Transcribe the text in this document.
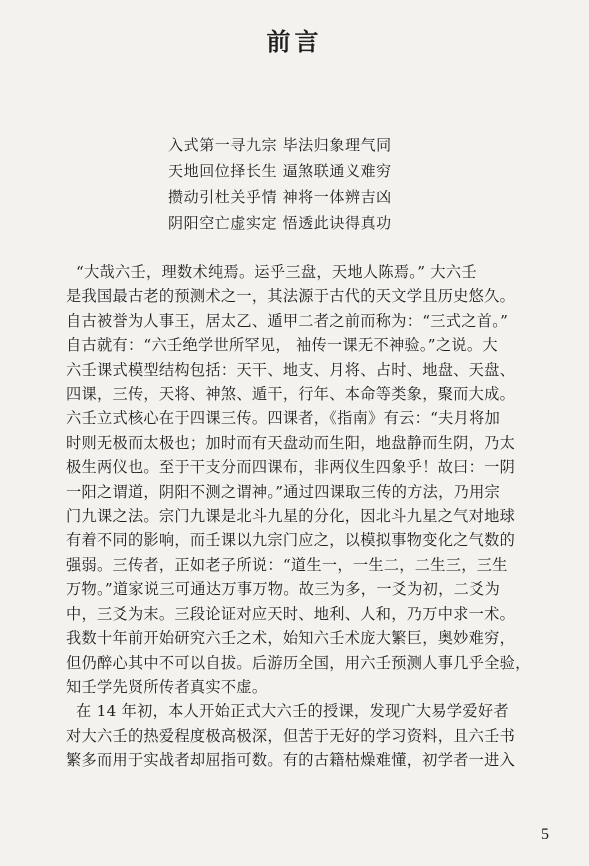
前言
入式第一寻九宗 毕法归象理气同
天地回位择长生 逼煞联通义难穷
攒动引杜关乎情 神将一体辨吉凶
阴阳空亡虚实定 悟透此诀得真功
“大哉六壬，理数术纯焉。运乎三盘，天地人陈焉。” 大六壬
是我国最古老的预测术之一，其法源于古代的天文学且历史悠久。
自古被誉为人事王，居太乙、遁甲二者之前而称为：“三式之首。”
自古就有：“六壬绝学世所罕见， 袖传一课无不神验。”之说。大
六壬课式模型结构包括：天干、地支、月将、占时、地盘、天盘、
四课，三传，天将、神煞、遁干，行年、本命等类象，聚而大成。
六壬立式核心在于四课三传。四课者，《指南》有云：“夫月将加
时则无极而太极也；加时而有天盘动而生阳，地盘静而生阴，乃太
极生两仪也。至于干支分而四课布，非两仪生四象乎！故曰：一阴
一阳之谓道，阴阳不测之谓神。”通过四课取三传的方法，乃用宗
门九课之法。宗门九课是北斗九星的分化，因北斗九星之气对地球
有着不同的影响，而壬课以九宗门应之，以模拟事物变化之气数的
强弱。三传者，正如老子所说：“道生一，一生二，二生三，三生
万物。”道家说三可通达万事万物。故三为多，一爻为初，二爻为
中，三爻为末。三段论证对应天时、地利、人和，乃万中求一术。
我数十年前开始研究六壬之术，始知六壬术庞大繁巨，奥妙难穷，
但仍醉心其中不可以自拔。后游历全国，用六壬预测人事几乎全验，
知壬学先贤所传者真实不虚。
在 14 年初，本人开始正式大六壬的授课，发现广大易学爱好者
对大六壬的热爱程度极高极深，但苦于无好的学习资料，且六壬书
繁多而用于实战者却屈指可数。有的古籍枯燥难懂，初学者一进入
5
